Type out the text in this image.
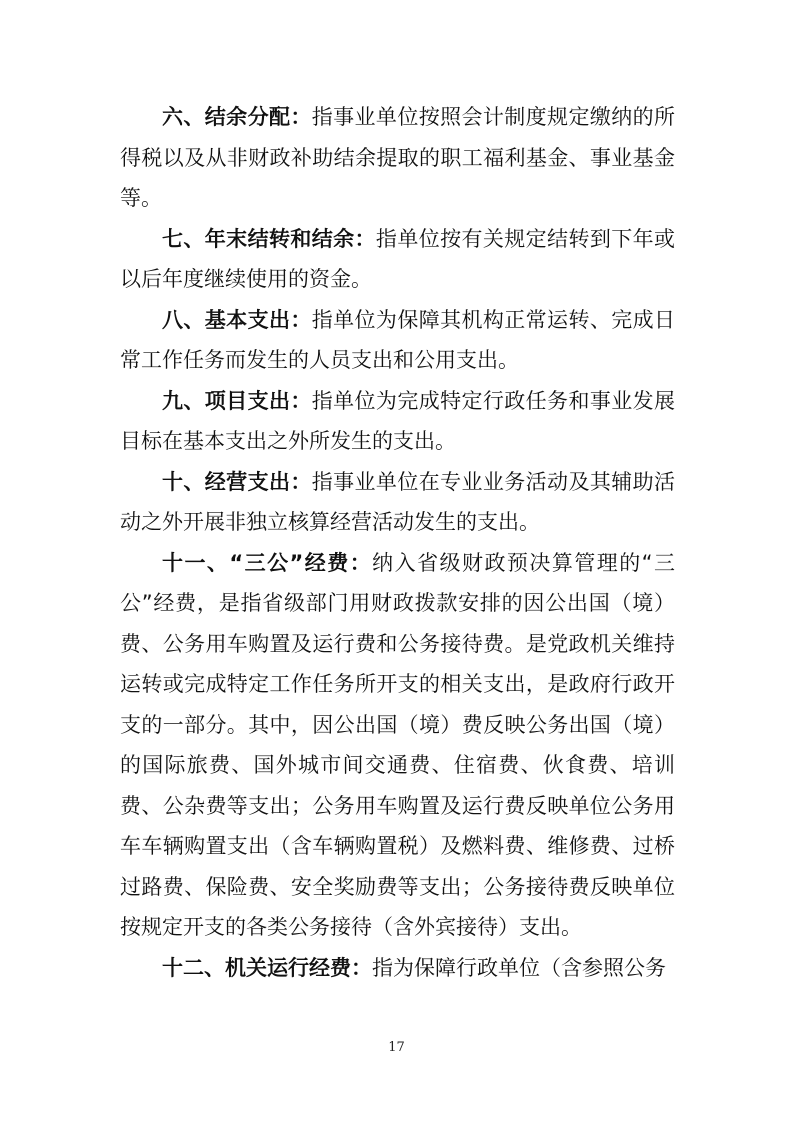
六、结余分配：指事业单位按照会计制度规定缴纳的所得税以及从非财政补助结余提取的职工福利基金、事业基金等。

七、年末结转和结余：指单位按有关规定结转到下年或以后年度继续使用的资金。

八、基本支出：指单位为保障其机构正常运转、完成日常工作任务而发生的人员支出和公用支出。

九、项目支出：指单位为完成特定行政任务和事业发展目标在基本支出之外所发生的支出。

十、经营支出：指事业单位在专业业务活动及其辅助活动之外开展非独立核算经营活动发生的支出。

十一、“三公”经费：纳入省级财政预决算管理的“三公”经费，是指省级部门用财政拨款安排的因公出国（境）费、公务用车购置及运行费和公务接待费。是党政机关维持运转或完成特定工作任务所开支的相关支出，是政府行政开支的一部分。其中，因公出国（境）费反映公务出国（境）的国际旅费、国外城市间交通费、住宿费、伙食费、培训费、公杂费等支出；公务用车购置及运行费反映单位公务用车车辆购置支出（含车辆购置税）及燃料费、维修费、过桥过路费、保险费、安全奖励费等支出；公务接待费反映单位按规定开支的各类公务接待（含外宾接待）支出。

十二、机关运行经费：指为保障行政单位（含参照公务

17
